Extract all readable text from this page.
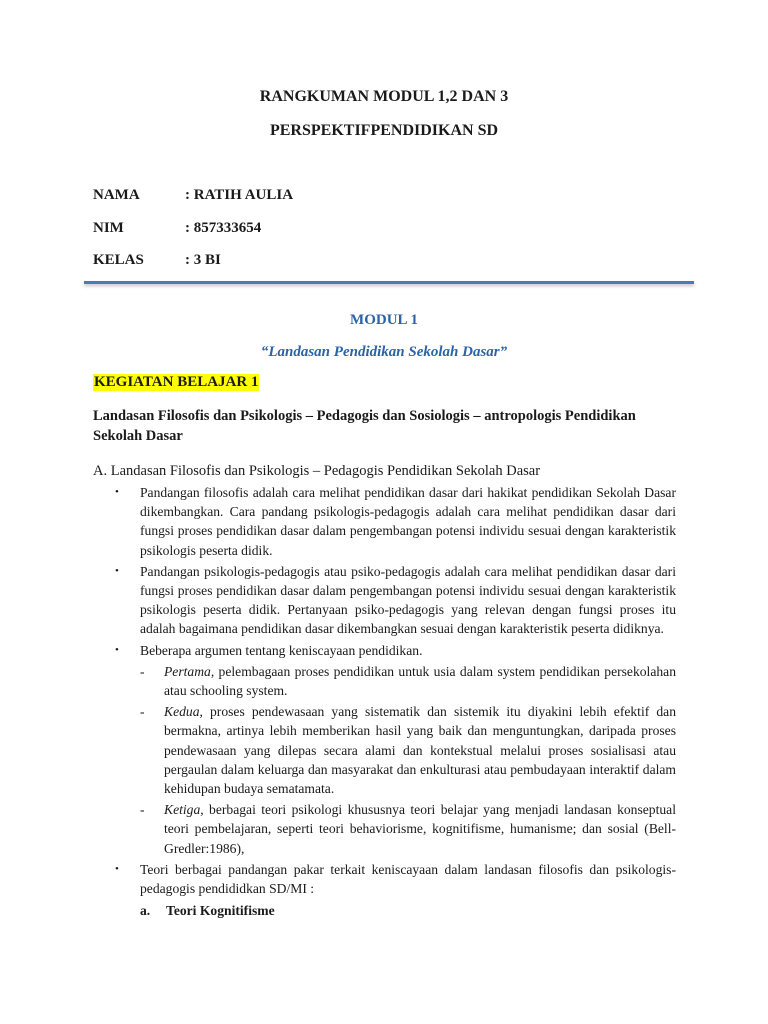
RANGKUMAN MODUL 1,2 DAN 3
PERSPEKTIFPENDIDIKAN SD
NAMA	: RATIH AULIA
NIM	: 857333654
KELAS	: 3 BI
MODUL 1
“Landasan Pendidikan Sekolah Dasar”
KEGIATAN BELAJAR 1
Landasan Filosofis dan Psikologis – Pedagogis dan Sosiologis – antropologis Pendidikan Sekolah Dasar
A. Landasan Filosofis dan Psikologis – Pedagogis Pendidikan Sekolah Dasar
• Pandangan filosofis adalah cara melihat pendidikan dasar dari hakikat pendidikan Sekolah Dasar dikembangkan. Cara pandang psikologis-pedagogis adalah cara melihat pendidikan dasar dari fungsi proses pendidikan dasar dalam pengembangan potensi individu sesuai dengan karakteristik psikologis peserta didik.
• Pandangan psikologis-pedagogis atau psiko-pedagogis adalah cara melihat pendidikan dasar dari fungsi proses pendidikan dasar dalam pengembangan potensi individu sesuai dengan karakteristik psikologis peserta didik. Pertanyaan psiko-pedagogis yang relevan dengan fungsi proses itu adalah bagaimana pendidikan dasar dikembangkan sesuai dengan karakteristik peserta didiknya.
• Beberapa argumen tentang keniscayaan pendidikan.
- Pertama, pelembagaan proses pendidikan untuk usia dalam system pendidikan persekolahan atau schooling system.
- Kedua, proses pendewasaan yang sistematik dan sistemik itu diyakini lebih efektif dan bermakna, artinya lebih memberikan hasil yang baik dan menguntungkan, daripada proses pendewasaan yang dilepas secara alami dan kontekstual melalui proses sosialisasi atau pergaulan dalam keluarga dan masyarakat dan enkulturasi atau pembudayaan interaktif dalam kehidupan budaya sematamata.
- Ketiga, berbagai teori psikologi khususnya teori belajar yang menjadi landasan konseptual teori pembelajaran, seperti teori behaviorisme, kognitifisme, humanisme; dan sosial (Bell-Gredler:1986),
• Teori berbagai pandangan pakar terkait keniscayaan dalam landasan filosofis dan psikologis-pedagogis pendididkan SD/MI :
a. Teori Kognitifisme
